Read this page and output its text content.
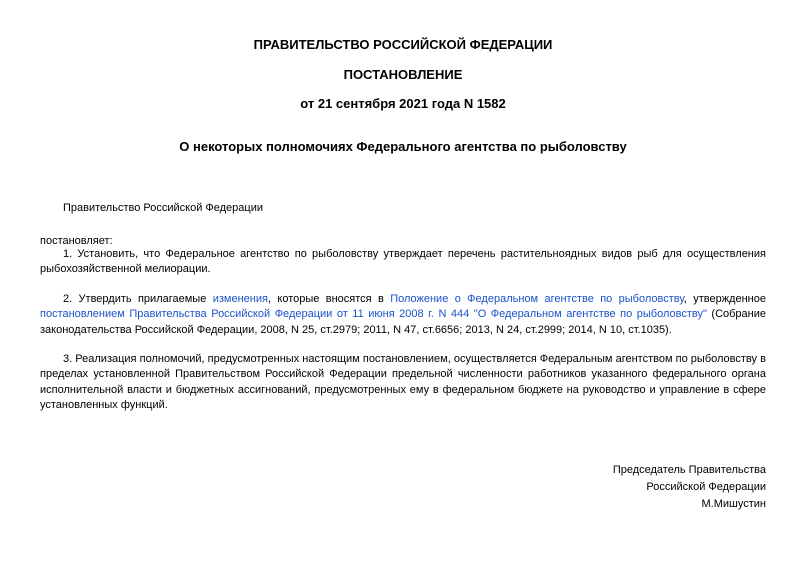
ПРАВИТЕЛЬСТВО РОССИЙСКОЙ ФЕДЕРАЦИИ
ПОСТАНОВЛЕНИЕ
от 21 сентября 2021 года N 1582
О некоторых полномочиях Федерального агентства по рыболовству
Правительство Российской Федерации
постановляет:
1. Установить, что Федеральное агентство по рыболовству утверждает перечень растительноядных видов рыб для осуществления рыбохозяйственной мелиорации.
2. Утвердить прилагаемые изменения, которые вносятся в Положение о Федеральном агентстве по рыболовству, утвержденное постановлением Правительства Российской Федерации от 11 июня 2008 г. N 444 "О Федеральном агентстве по рыболовству" (Собрание законодательства Российской Федерации, 2008, N 25, ст.2979; 2011, N 47, ст.6656; 2013, N 24, ст.2999; 2014, N 10, ст.1035).
3. Реализация полномочий, предусмотренных настоящим постановлением, осуществляется Федеральным агентством по рыболовству в пределах установленной Правительством Российской Федерации предельной численности работников указанного федерального органа исполнительной власти и бюджетных ассигнований, предусмотренных ему в федеральном бюджете на руководство и управление в сфере установленных функций.
Председатель Правительства
Российской Федерации
М.Мишустин
